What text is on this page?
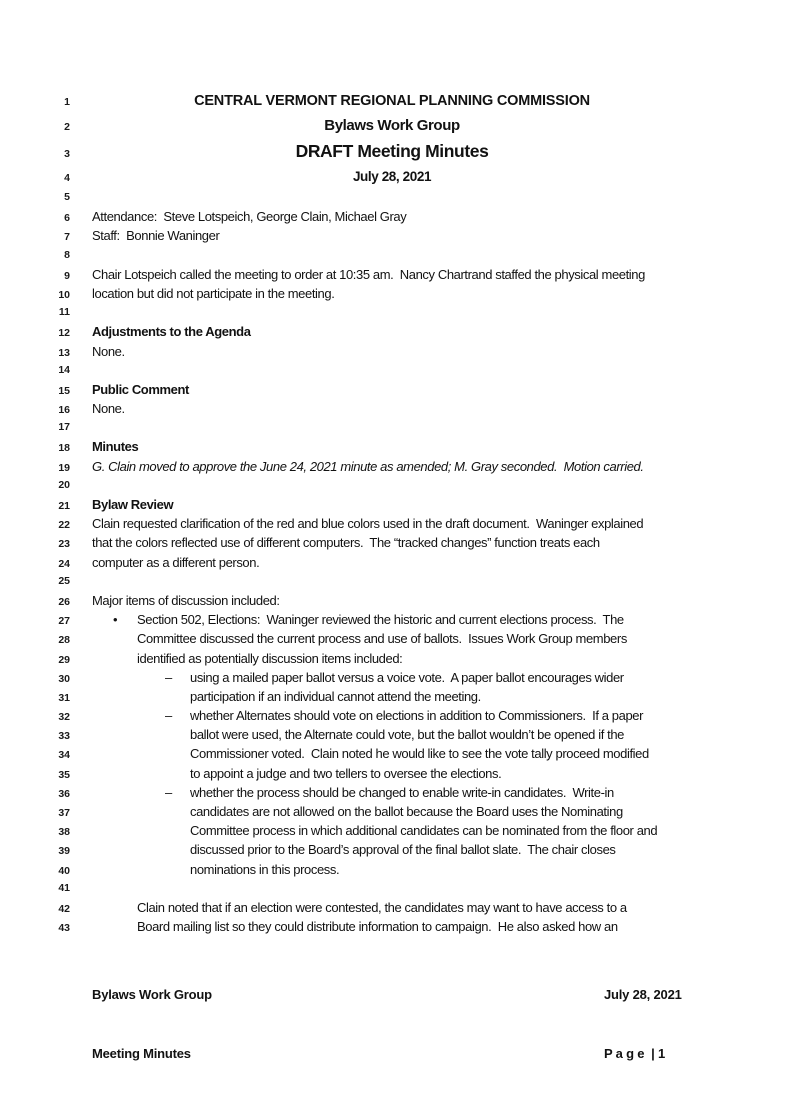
1	CENTRAL VERMONT REGIONAL PLANNING COMMISSION
2	Bylaws Work Group
3	DRAFT Meeting Minutes
4	July 28, 2021
5
6	Attendance:  Steve Lotspeich, George Clain, Michael Gray
7	Staff:  Bonnie Waninger
8
9	Chair Lotspeich called the meeting to order at 10:35 am.  Nancy Chartrand staffed the physical meeting
10	location but did not participate in the meeting.
11
12	Adjustments to the Agenda
13	None.
14
15	Public Comment
16	None.
17
18	Minutes
19	G. Clain moved to approve the June 24, 2021 minute as amended; M. Gray seconded.  Motion carried.
20
21	Bylaw Review
22	Clain requested clarification of the red and blue colors used in the draft document.  Waninger explained
23	that the colors reflected use of different computers.  The “tracked changes” function treats each
24	computer as a different person.
25
26	Major items of discussion included:
27	• Section 502, Elections:  Waninger reviewed the historic and current elections process.  The
28	Committee discussed the current process and use of ballots.  Issues Work Group members
29	identified as potentially discussion items included:
30	– using a mailed paper ballot versus a voice vote.  A paper ballot encourages wider
31	participation if an individual cannot attend the meeting.
32	– whether Alternates should vote on elections in addition to Commissioners.  If a paper
33	ballot were used, the Alternate could vote, but the ballot wouldn’t be opened if the
34	Commissioner voted.  Clain noted he would like to see the vote tally proceed modified
35	to appoint a judge and two tellers to oversee the elections.
36	– whether the process should be changed to enable write-in candidates.  Write-in
37	candidates are not allowed on the ballot because the Board uses the Nominating
38	Committee process in which additional candidates can be nominated from the floor and
39	discussed prior to the Board’s approval of the final ballot slate.  The chair closes
40	nominations in this process.
41
42	Clain noted that if an election were contested, the candidates may want to have access to a
43	Board mailing list so they could distribute information to campaign.  He also asked how an

Bylaws Work Group

Meeting Minutes

July 28, 2021

P a g e  | 1
